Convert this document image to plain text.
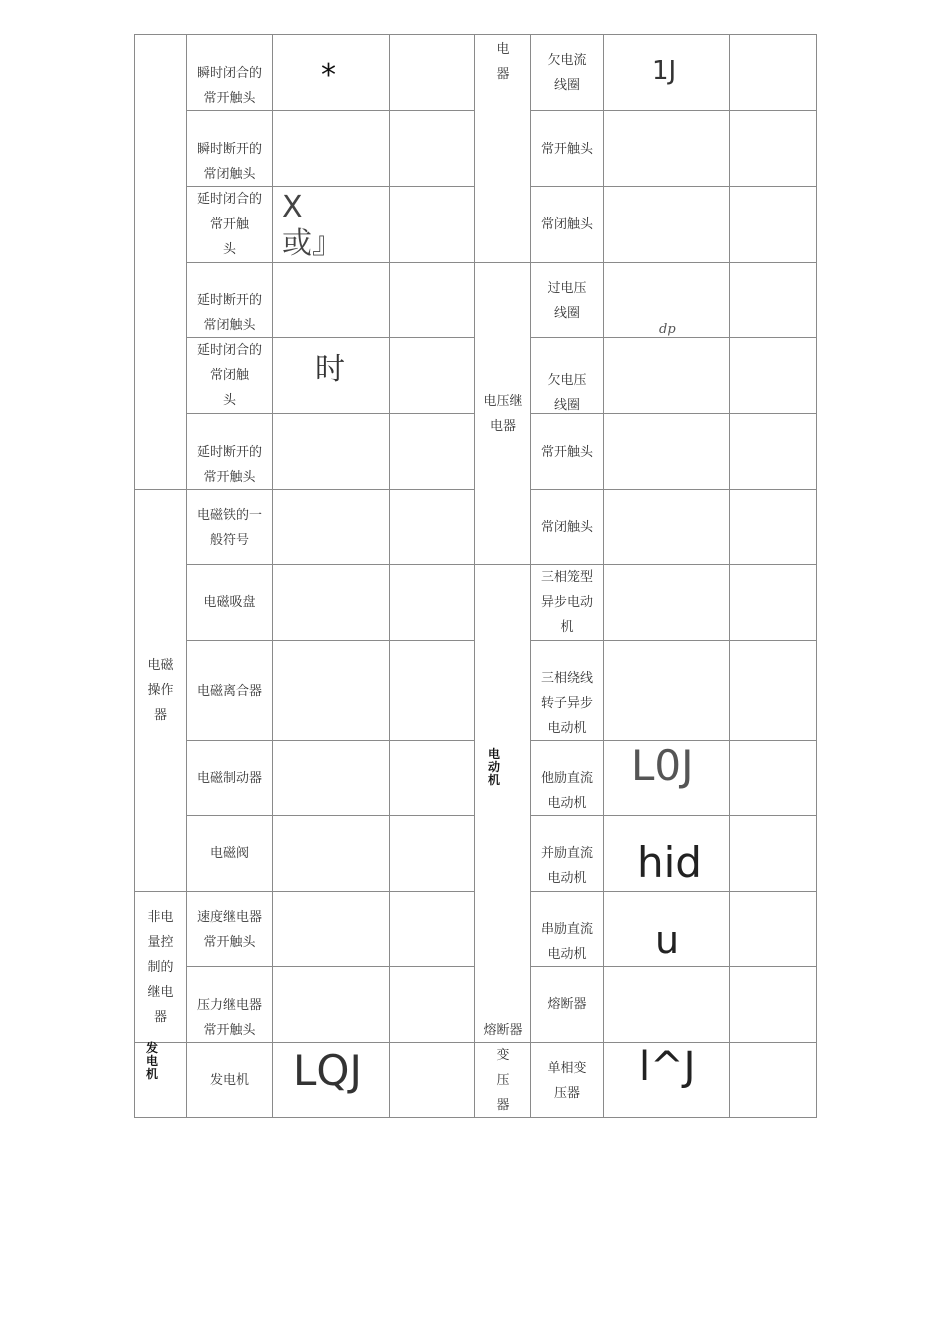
电磁
操作
器
非电
量控
制的
继电
器
发
电
机
瞬时闭合的
常开触头
瞬时断开的
常闭触头
延时闭合的
常开触
头
延时断开的
常闭触头
延时闭合的
常闭触
头
延时断开的
常开触头
电磁铁的一
般符号
电磁吸盘
电磁离合器
电磁制动器
电磁阀
速度继电器
常开触头
压力继电器
常开触头
发电机
*
X
或』
时
LQJ
电
器
电压继
电器
电
动
机
熔断器
变
压
器
欠电流
线圈
常开触头
常闭触头
过电压
线圈
欠电压
线圈
常开触头
常闭触头
三相笼型
异步电动
机
三相绕线
转子异步
电动机
他励直流
电动机
并励直流
电动机
串励直流
电动机
熔断器
单相变
压器
1J
dp
L0J
hid
u
l^J
